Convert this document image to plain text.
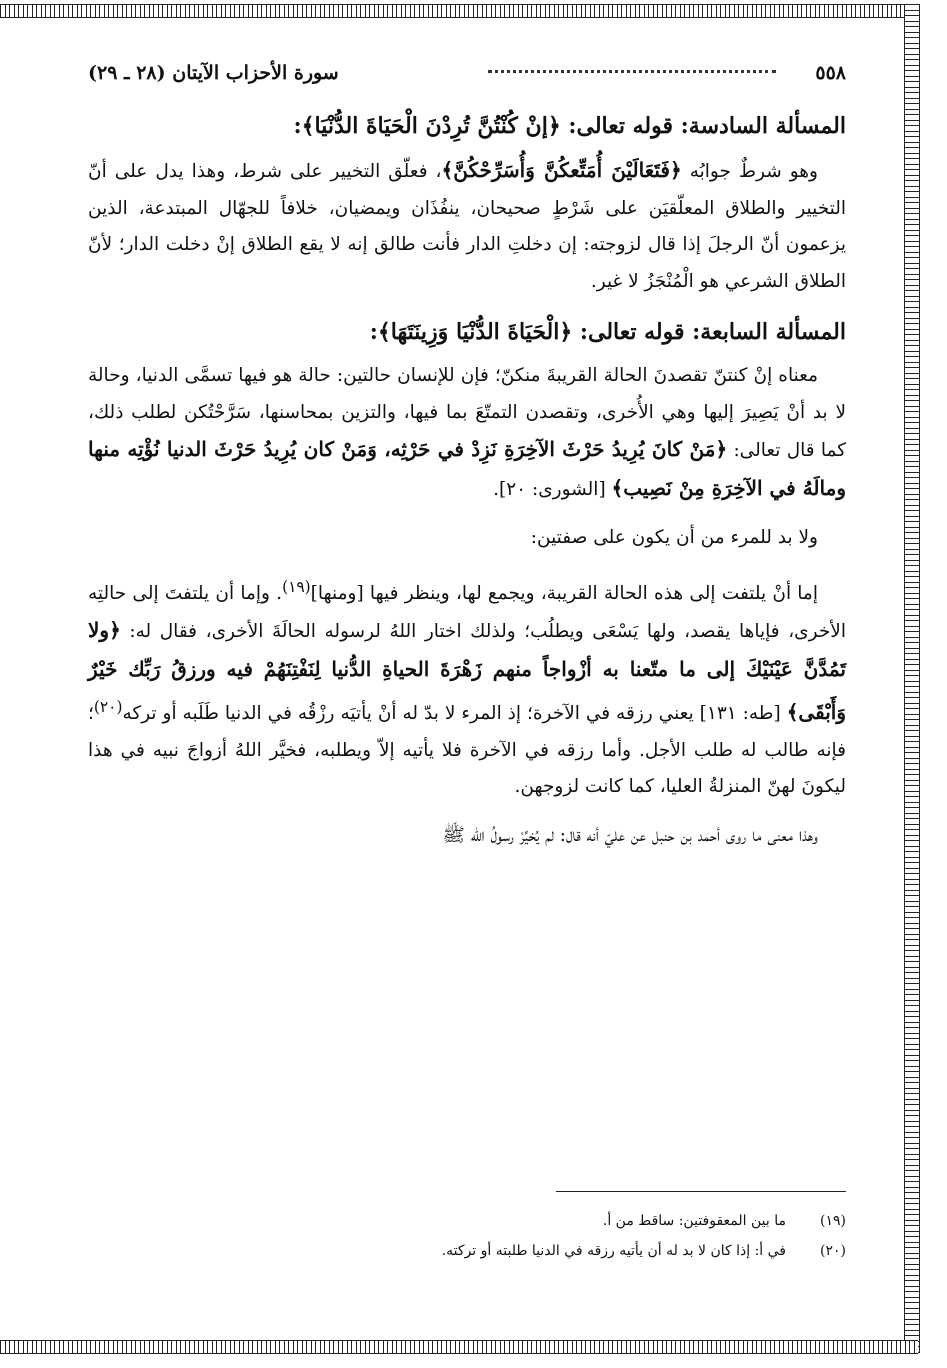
٥٥٨
سورة الأحزاب الآيتان (٢٨ ـ ٢٩)
المسألة السادسة: قوله تعالى: ﴿إنْ كُنْتُنَّ تُرِدْنَ الْحَيَاةَ الدُّنْيَا﴾:

وهو شرطٌ جوابُه ﴿فَتَعَالَيْنَ أُمَتِّعكُنَّ وَأُسَرِّحْكُنَّ﴾، فعلّق التخيير على شرط، وهذا يدل على أنّ التخيير والطلاق المعلّقيَن على شَرْطٍ صحيحان، ينفُذَان ويمضيان، خلافاً للجهّال المبتدعة، الذين يزعمون أنّ الرجلَ إذا قال لزوجته: إن دخلتِ الدار فأنت طالق إنه لا يقع الطلاق إنْ دخلت الدار؛ لأنّ الطلاق الشرعي هو الْمُنْجَزُ لا غير.

المسألة السابعة: قوله تعالى: ﴿الْحَيَاةَ الدُّنْيَا وَزِينَتَهَا﴾:

معناه إنْ كنتنّ تقصدنَ الحالة القريبةَ منكنّ؛ فإن للإنسان حالتين: حالة هو فيها تسمَّى الدنيا، وحالة لا بد أنْ يَصِيرَ إليها وهي الأُخرى، وتقصدن التمتّعَ بما فيها، والتزين بمحاسنها، سَرَّحْتُكن لطلب ذلك، كما قال تعالى: ﴿مَنْ كانَ يُرِيدُ حَرْثَ الآخِرَةِ نَزِدْ في حَرْثِه، وَمَنْ كان يُرِيدُ حَرْثَ الدنيا نُؤْتِه منها ومالَهُ في الآخِرَةِ مِنْ نَصِيب﴾ [الشورى: ٢٠].

ولا بد للمرء من أن يكون على صفتين:

إما أنْ يلتفت إلى هذه الحالة القريبة، ويجمع لها، وينظر فيها [ومنها]$^{(١٩)}$. وإما أن يلتفتَ إلى حالتِه الأخرى، فإياها يقصد، ولها يَسْعَى ويطلُب؛ ولذلك اختار اللهُ لرسوله الحالَةَ الأخرى، فقال له: ﴿ولا تَمُدَّنَّ عَيْنَيْكَ إلى ما متّعنا به أزْواجاً منهم زَهْرَةَ الحياةِ الدُّنيا لِنَفْتِنَهُمْ فيه ورزقُ رَبِّك خَيْرٌ وَأَبْقَى﴾ [طه: ١٣١] يعني رزقه في الآخرة؛ إذ المرء لا بدّ له أنْ يأتيَه رزْقُه في الدنيا طَلَبه أو تركه$^{(٢٠)}$؛ فإنه طالب له طلب الأجل. وأما رزقه في الآخرة فلا يأتيه إلاّ ويطلبه، فخيَّر اللهُ أزواجَ نبيه في هذا ليكونَ لهنّ المنزلةُ العليا، كما كانت لزوجهن.

وهذا معنى ما روى أحمد بن حنبل عن عليّ أنه قال: لم يُخيِّرْ رسولُ الله ﷺ

(١٩)
ما بين المعقوفتين: ساقط من أ.
(٢٠)
في أ: إذا كان لا بد له أن يأتيه رزقه في الدنيا طلبته أو تركته.
